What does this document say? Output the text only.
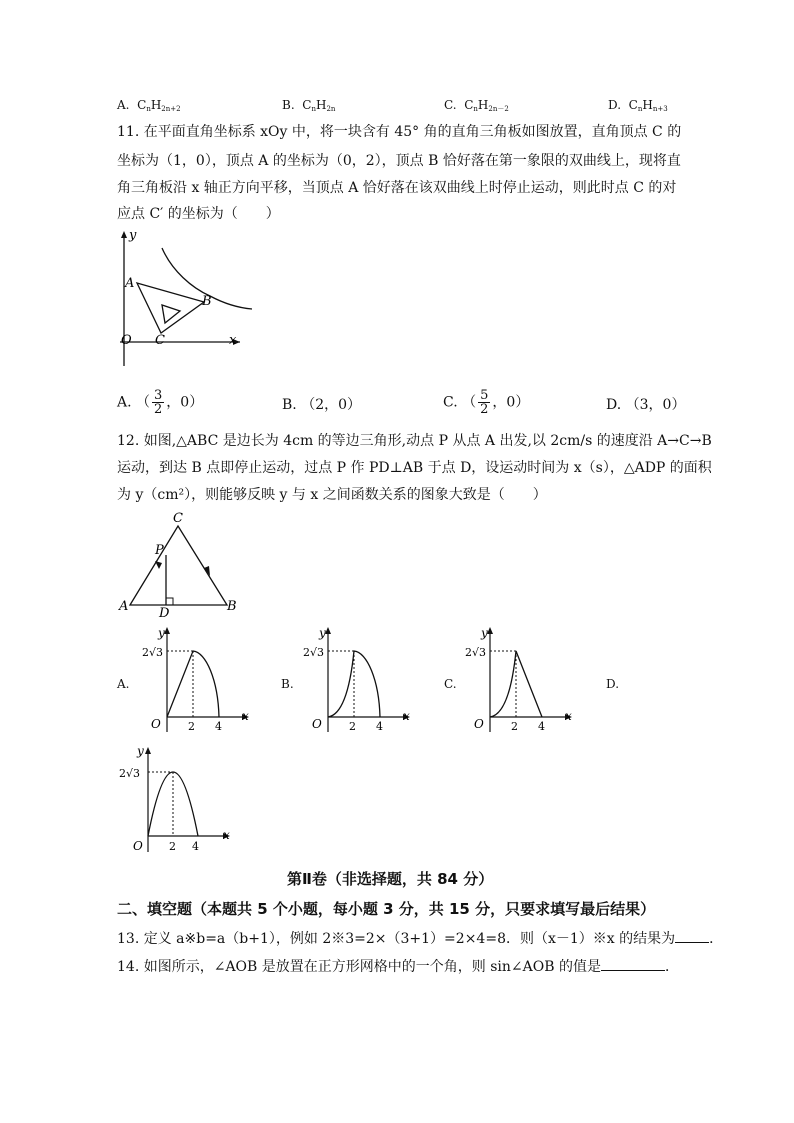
A. $C_nH_{2n+2}$	B. $C_nH_{2n}$	C. $C_nH_{2n-2}$	D. $C_nH_{n+3}$
11. 在平面直角坐标系 xOy 中，将一块含有 45° 角的直角三角板如图放置，直角顶点 C 的
坐标为（1，0），顶点 A 的坐标为（0，2），顶点 B 恰好落在第一象限的双曲线上，现将直
角三角板沿 x 轴正方向平移，当顶点 A 恰好落在该双曲线上时停止运动，则此时点 C 的对
应点 C′ 的坐标为（　　）
y
A
B
O C	x
A. （ $\frac{3}{2}$ ，0）	B. （2，0）	C. （ $\frac{5}{2}$ ，0）	D. （3，0）
12. 如图,△ABC 是边长为 4cm 的等边三角形,动点 P 从点 A 出发,以 2cm/s 的速度沿 A→C→B
运动，到达 B 点即停止运动，过点 P 作 PD⊥AB 于点 D，设运动时间为 x（s），△ADP 的面积
为 y（cm²），则能够反映 y 与 x 之间函数关系的图象大致是（　　）
C
P
A D	B
A.	B.	C.	D.
y
2√3
O 2 4
x
y
2√3
O 2 4
x
y
2√3
O 2 4
x
y
2√3
O 2 4
x
第Ⅱ卷（非选择题，共 84 分）
二、填空题（本题共 5 个小题，每小题 3 分，共 15 分，只要求填写最后结果）
13. 定义 a※b=a（b+1），例如 2※3=2×（3+1）=2×4=8．则（x－1）※x 的结果为 ．
14. 如图所示，∠AOB 是放置在正方形网格中的一个角，则 sin∠AOB 的值是	．
